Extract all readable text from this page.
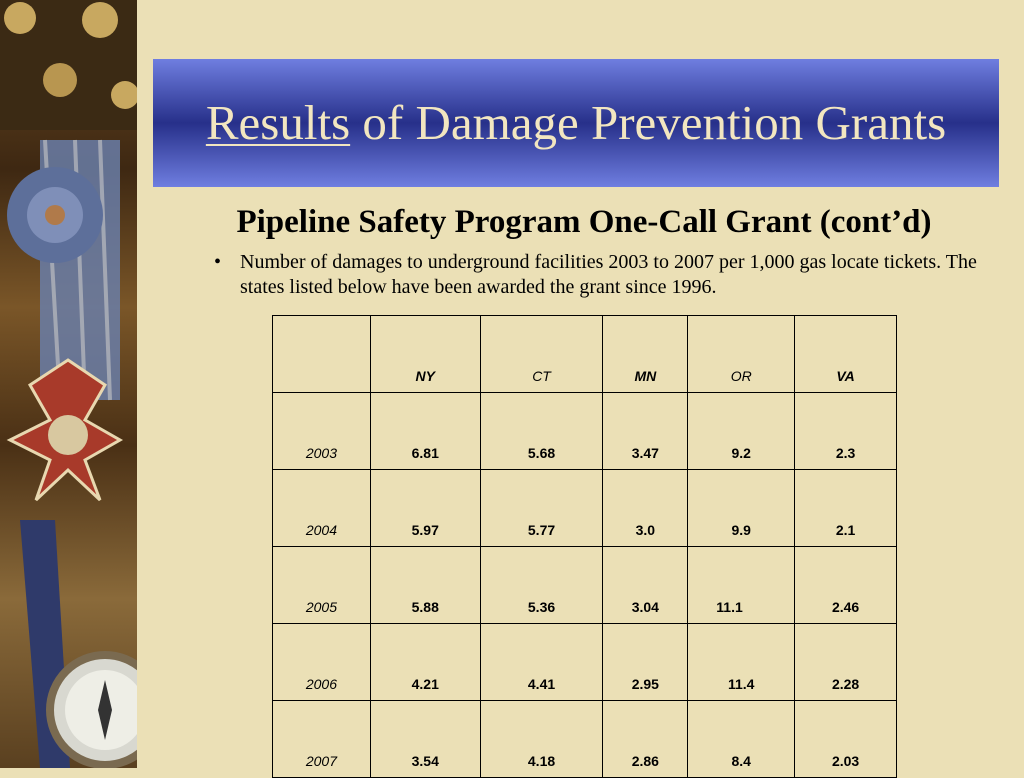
Results of Damage Prevention Grants
Pipeline Safety Program One-Call Grant (cont’d)
• Number of damages to underground facilities 2003 to 2007 per 1,000 gas locate tickets. The states listed below have been awarded the grant since 1996.
	NY	CT	MN	OR	VA
2003	6.81	5.68	3.47	9.2	2.3
2004	5.97	5.77	3.0	9.9	2.1
2005	5.88	5.36	3.04	11.1	2.46
2006	4.21	4.41	2.95	11.4	2.28
2007	3.54	4.18	2.86	8.4	2.03
